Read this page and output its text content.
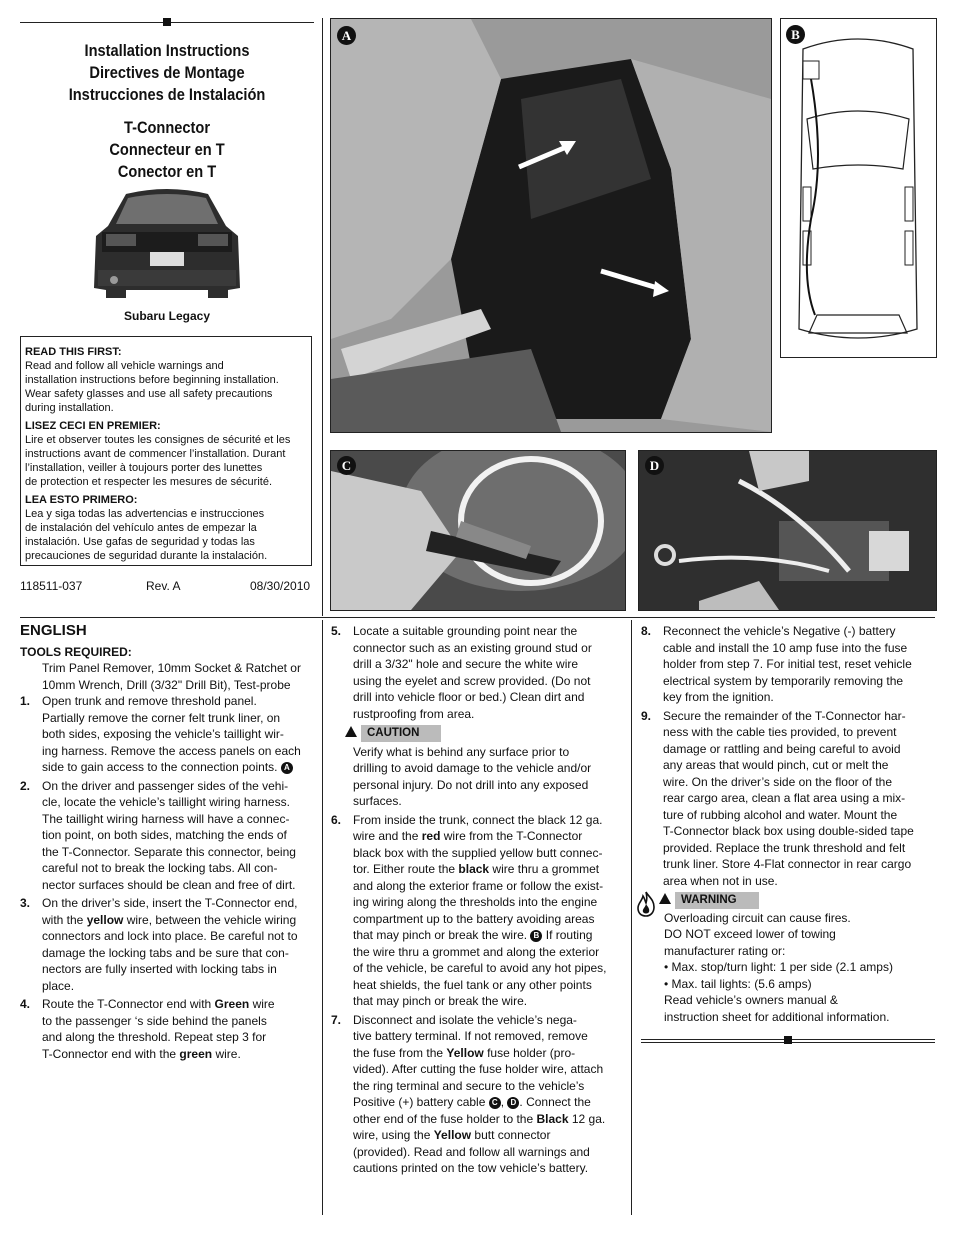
Installation Instructions
Directives de Montage
Instrucciones de Instalación
T-Connector
Connecteur en T
Conector en T
Subaru Legacy

READ THIS FIRST:

Read and follow all vehicle warnings and

installation instructions before beginning installation.

Wear safety glasses and use all safety precautions

during installation.

LISEZ CECI EN PREMIER:

Lire et observer toutes les consignes de sécurité et les

instructions avant de commencer l’installation. Durant

l’installation, veiller à toujours porter des lunettes

de protection et respecter les mesures de sécurité.

LEA ESTO PRIMERO:

Lea y siga todas las advertencias e instrucciones

de instalación del vehículo antes de empezar la

instalación. Use gafas de seguridad y todas las

precauciones de seguridad durante la instalación.

118511-037	Rev. A	08/30/2010
A	B
C	D
ENGLISH
TOOLS REQUIRED:

Trim Panel Remover, 10mm Socket & Ratchet or

10mm Wrench, Drill (3/32" Drill Bit), Test-probe

1. Open trunk and remove threshold panel.

Partially remove the corner felt trunk liner, on

both sides, exposing the vehicle’s taillight wir-

ing harness. Remove the access panels on each

side to gain access to the connection points. A

2. On the driver and passenger sides of the vehi-

cle, locate the vehicle’s taillight wiring harness.

The taillight wiring harness will have a connec-

tion point, on both sides, matching the ends of

the T-Connector. Separate this connector, being

careful not to break the locking tabs. All con-

nector surfaces should be clean and free of dirt.

3. On the driver’s side, insert the T-Connector end,

with the yellow wire, between the vehicle wiring

connectors and lock into place. Be careful not to

damage the locking tabs and be sure that con-

nectors are fully inserted with locking tabs in

place.

4. Route the T-Connector end with Green wire

to the passenger ‘s side behind the panels

and along the threshold. Repeat step 3 for

T-Connector end with the green wire.

5. Locate a suitable grounding point near the

connector such as an existing ground stud or

drill a 3/32" hole and secure the white wire

using the eyelet and screw provided. (Do not

drill into vehicle floor or bed.) Clean dirt and

rustproofing from area.

CAUTION

Verify what is behind any surface prior to

drilling to avoid damage to the vehicle and/or

personal injury. Do not drill into any exposed

surfaces.

6. From inside the trunk, connect the black 12 ga.

wire and the red wire from the T-Connector

black box with the supplied yellow butt connec-

tor. Either route the black wire thru a grommet

and along the exterior frame or follow the exist-

ing wiring along the thresholds into the engine

compartment up to the battery avoiding areas

that may pinch or break the wire. B If routing

the wire thru a grommet and along the exterior

of the vehicle, be careful to avoid any hot pipes,

heat shields, the fuel tank or any other points

that may pinch or break the wire.

7. Disconnect and isolate the vehicle’s nega-

tive battery terminal. If not removed, remove

the fuse from the Yellow fuse holder (pro-

vided). After cutting the fuse holder wire, attach

the ring terminal and secure to the vehicle’s

Positive (+) battery cable C , D . Connect the

other end of the fuse holder to the Black 12 ga.

wire, using the Yellow butt connector

(provided). Read and follow all warnings and

cautions printed on the tow vehicle’s battery.

8. Reconnect the vehicle’s Negative (-) battery

cable and install the 10 amp fuse into the fuse

holder from step 7. For initial test, reset vehicle

electrical system by temporarily removing the

key from the ignition.

9. Secure the remainder of the T-Connector har-

ness with the cable ties provided, to prevent

damage or rattling and being careful to avoid

any areas that would pinch, cut or melt the

wire. On the driver’s side on the floor of the

rear cargo area, clean a flat area using a mix-

ture of rubbing alcohol and water. Mount the

T-Connector black box using double-sided tape

provided. Replace the trunk threshold and felt

trunk liner. Store 4-Flat connector in rear cargo

area when not in use.

WARNING

Overloading circuit can cause fires.

DO NOT exceed lower of towing

manufacturer rating or:

• Max. stop/turn light: 1 per side (2.1 amps)

• Max. tail lights: (5.6 amps)

Read vehicle’s owners manual &

instruction sheet for additional information.
